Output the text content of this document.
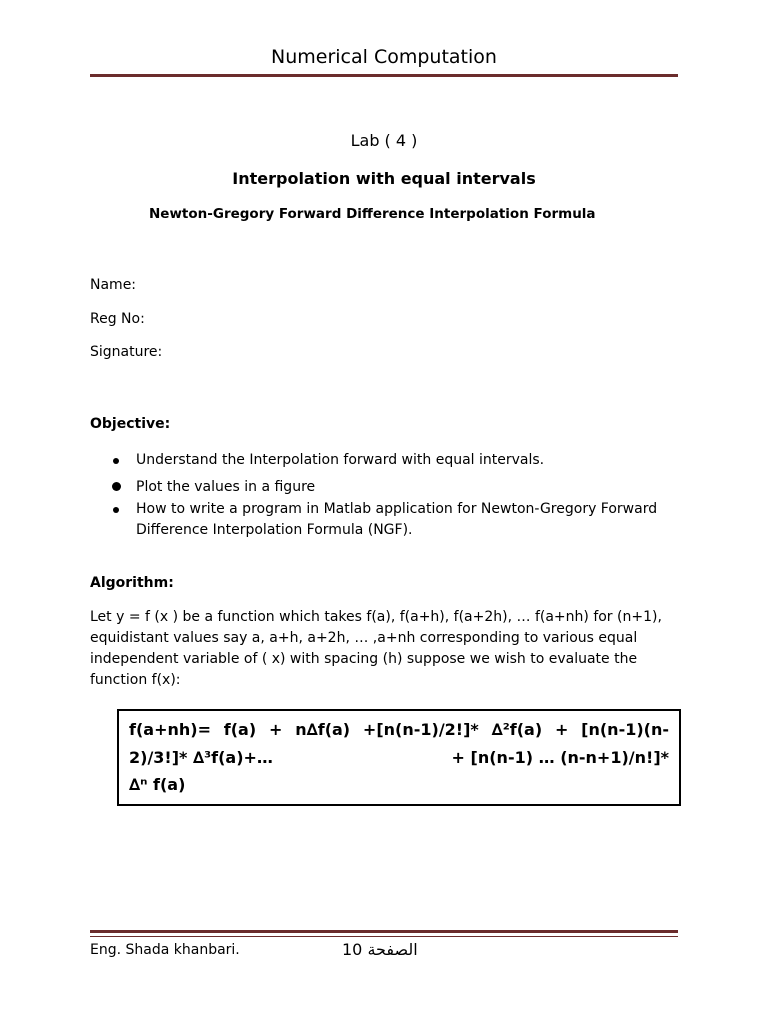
Numerical Computation
Lab ( 4 )
Interpolation with equal intervals
Newton-Gregory Forward Difference Interpolation Formula
Name:
Reg No:
Signature:
Objective:
Understand the Interpolation forward with equal intervals.
Plot the values in a figure
How to write a program in Matlab application for Newton-Gregory Forward Difference Interpolation Formula (NGF).
Algorithm:
Let y = f (x ) be a function which takes f(a), f(a+h), f(a+2h), … f(a+nh) for (n+1), equidistant values say a, a+h, a+2h, … ,a+nh corresponding to various equal independent variable of ( x) with spacing (h) suppose we wish to evaluate the function f(x):
f(a+nh)= f(a) + n∆f(a) +[n(n-1)/2!]* ∆²f(a) + [n(n-1)(n-2)/3!]* ∆³f(a)+…                                + [n(n-1) … (n-n+1)/n!]* ∆ⁿ f(a)
Eng. Shada khanbari.	10 الصفحة
